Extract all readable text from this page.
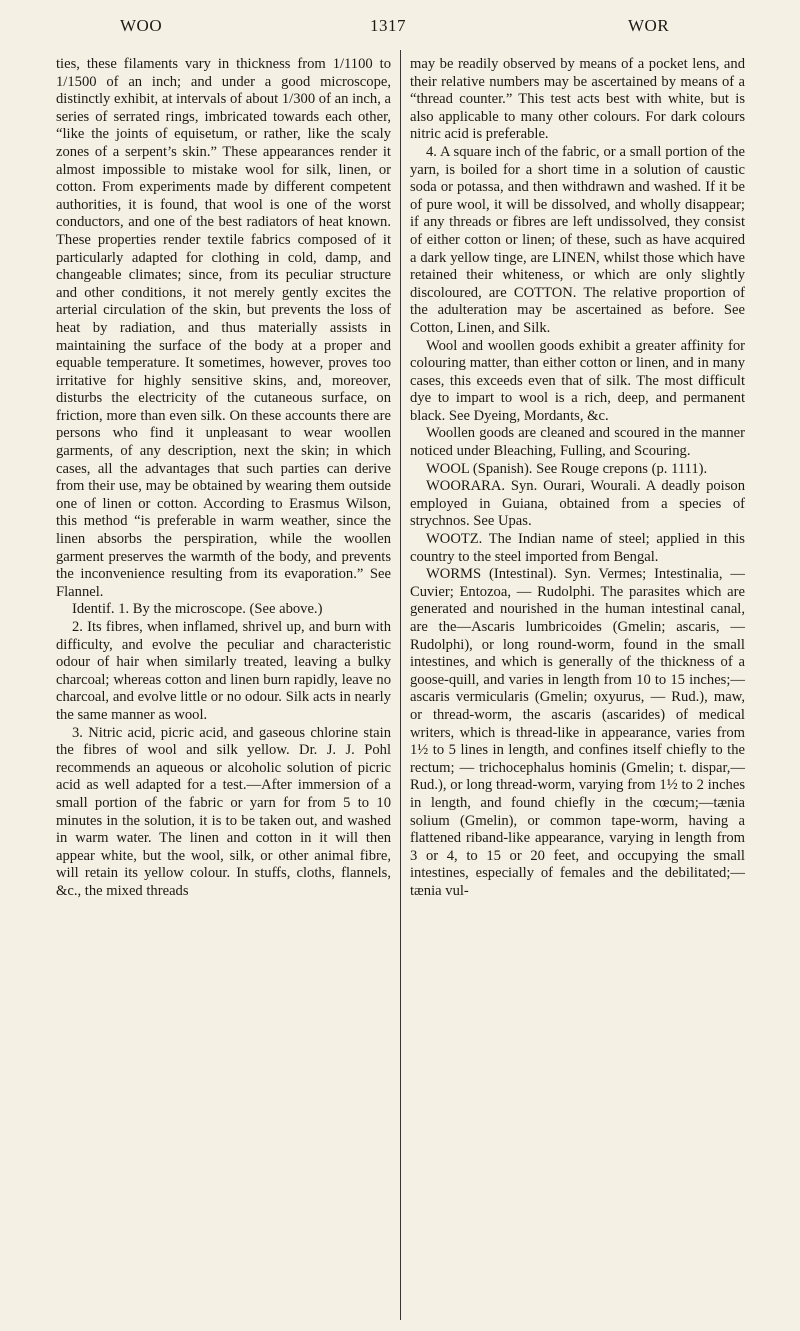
WOO	1317	WOR

ties, these filaments vary in thickness from 1/1100 to 1/1500 of an inch; and under a good microscope, distinctly exhibit, at intervals of about 1/300 of an inch, a series of serrated rings, imbricated towards each other, “like the joints of equisetum, or rather, like the scaly zones of a serpent’s skin.” These appearances render it almost impossible to mistake wool for silk, linen, or cotton. From experiments made by different competent authorities, it is found, that wool is one of the worst conductors, and one of the best radiators of heat known. These properties render textile fabrics composed of it particularly adapted for clothing in cold, damp, and changeable climates; since, from its peculiar structure and other conditions, it not merely gently excites the arterial circulation of the skin, but prevents the loss of heat by radiation, and thus materially assists in maintaining the surface of the body at a proper and equable temperature. It sometimes, however, proves too irritative for highly sensitive skins, and, moreover, disturbs the electricity of the cutaneous surface, on friction, more than even silk. On these accounts there are persons who find it unpleasant to wear woollen garments, of any description, next the skin; in which cases, all the advantages that such parties can derive from their use, may be obtained by wearing them outside one of linen or cotton. According to Erasmus Wilson, this method “is preferable in warm weather, since the linen absorbs the perspiration, while the woollen garment preserves the warmth of the body, and prevents the inconvenience resulting from its evaporation.” See Flannel.

Identif. 1. By the microscope. (See above.)

2. Its fibres, when inflamed, shrivel up, and burn with difficulty, and evolve the peculiar and characteristic odour of hair when similarly treated, leaving a bulky charcoal; whereas cotton and linen burn rapidly, leave no charcoal, and evolve little or no odour. Silk acts in nearly the same manner as wool.

3. Nitric acid, picric acid, and gaseous chlorine stain the fibres of wool and silk yellow. Dr. J. J. Pohl recommends an aqueous or alcoholic solution of picric acid as well adapted for a test.—After immersion of a small portion of the fabric or yarn for from 5 to 10 minutes in the solution, it is to be taken out, and washed in warm water. The linen and cotton in it will then appear white, but the wool, silk, or other animal fibre, will retain its yellow colour. In stuffs, cloths, flannels, &c., the mixed threads

may be readily observed by means of a pocket lens, and their relative numbers may be ascertained by means of a “thread counter.” This test acts best with white, but is also applicable to many other colours. For dark colours nitric acid is preferable.

4. A square inch of the fabric, or a small portion of the yarn, is boiled for a short time in a solution of caustic soda or potassa, and then withdrawn and washed. If it be of pure wool, it will be dissolved, and wholly disappear; if any threads or fibres are left undissolved, they consist of either cotton or linen; of these, such as have acquired a dark yellow tinge, are LINEN, whilst those which have retained their whiteness, or which are only slightly discoloured, are COTTON. The relative proportion of the adulteration may be ascertained as before. See Cotton, Linen, and Silk.

Wool and woollen goods exhibit a greater affinity for colouring matter, than either cotton or linen, and in many cases, this exceeds even that of silk. The most difficult dye to impart to wool is a rich, deep, and permanent black. See Dyeing, Mordants, &c.

Woollen goods are cleaned and scoured in the manner noticed under Bleaching, Fulling, and Scouring.

WOOL (Spanish). See Rouge crepons (p. 1111).

WOORARA. Syn. Ourari, Wourali. A deadly poison employed in Guiana, obtained from a species of strychnos. See Upas.

WOOTZ. The Indian name of steel; applied in this country to the steel imported from Bengal.

WORMS (Intestinal). Syn. Vermes; Intestinalia, — Cuvier; Entozoa, — Rudolphi. The parasites which are generated and nourished in the human intestinal canal, are the—Ascaris lumbricoides (Gmelin; ascaris, —Rudolphi), or long round-worm, found in the small intestines, and which is generally of the thickness of a goose-quill, and varies in length from 10 to 15 inches;—ascaris vermicularis (Gmelin; oxyurus, — Rud.), maw, or thread-worm, the ascaris (ascarides) of medical writers, which is thread-like in appearance, varies from 1½ to 5 lines in length, and confines itself chiefly to the rectum; — trichocephalus hominis (Gmelin; t. dispar,—Rud.), or long thread-worm, varying from 1½ to 2 inches in length, and found chiefly in the cœcum;—tænia solium (Gmelin), or common tape-worm, having a flattened riband-like appearance, varying in length from 3 or 4, to 15 or 20 feet, and occupying the small intestines, especially of females and the debilitated;—tænia vul-
